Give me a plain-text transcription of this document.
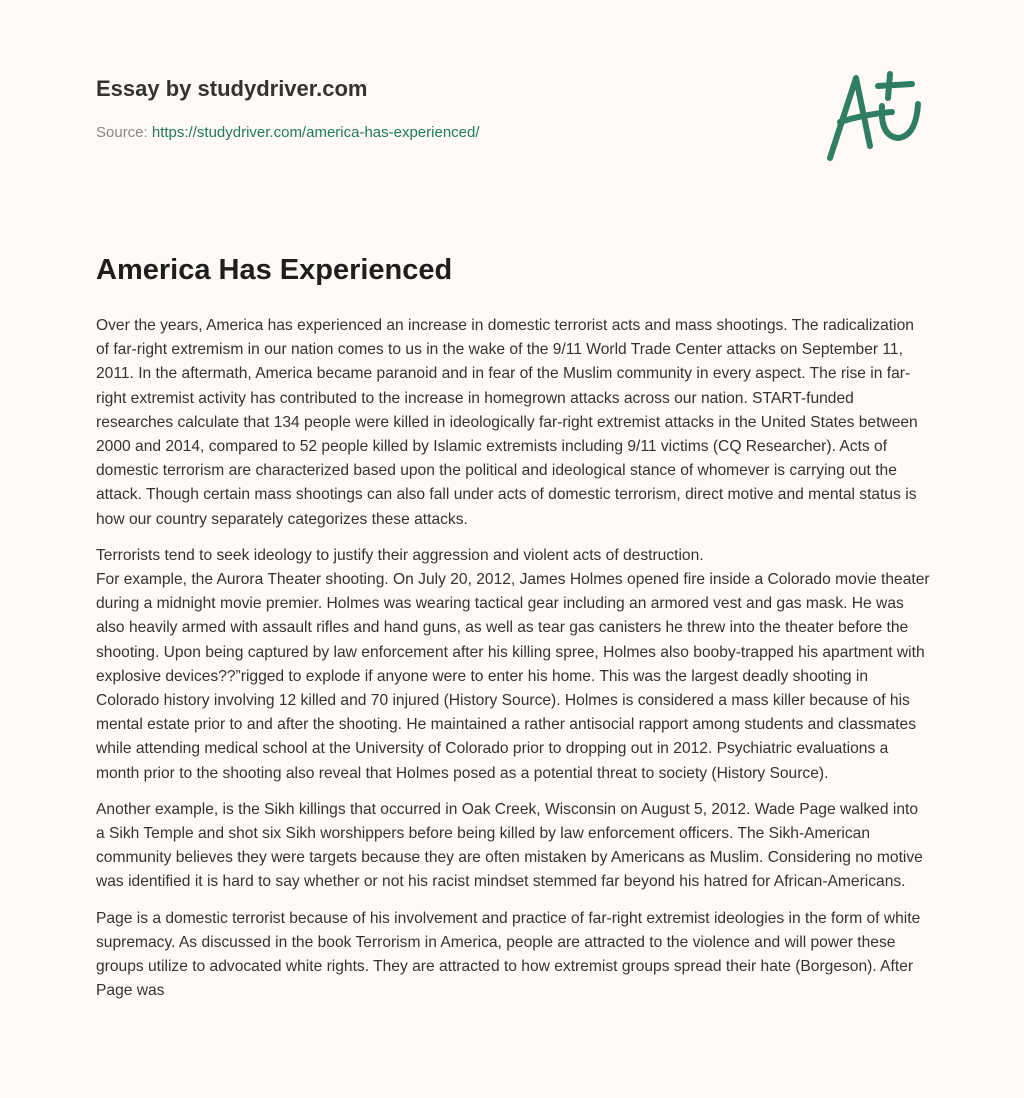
Essay by studydriver.com
Source: https://studydriver.com/america-has-experienced/
America Has Experienced

Over the years, America has experienced an increase in domestic terrorist acts and mass shootings. The radicalization of far-right extremism in our nation comes to us in the wake of the 9/11 World Trade Center attacks on September 11, 2011. In the aftermath, America became paranoid and in fear of the Muslim community in every aspect. The rise in far-right extremist activity has contributed to the increase in homegrown attacks across our nation. START-funded researches calculate that 134 people were killed in ideologically far-right extremist attacks in the United States between 2000 and 2014, compared to 52 people killed by Islamic extremists including 9/11 victims (CQ Researcher). Acts of domestic terrorism are characterized based upon the political and ideological stance of whomever is carrying out the attack. Though certain mass shootings can also fall under acts of domestic terrorism, direct motive and mental status is how our country separately categorizes these attacks.

Terrorists tend to seek ideology to justify their aggression and violent acts of destruction.

For example, the Aurora Theater shooting. On July 20, 2012, James Holmes opened fire inside a Colorado movie theater during a midnight movie premier. Holmes was wearing tactical gear including an armored vest and gas mask. He was also heavily armed with assault rifles and hand guns, as well as tear gas canisters he threw into the theater before the shooting. Upon being captured by law enforcement after his killing spree, Holmes also booby-trapped his apartment with explosive devices??”rigged to explode if anyone were to enter his home. This was the largest deadly shooting in Colorado history involving 12 killed and 70 injured (History Source). Holmes is considered a mass killer because of his mental estate prior to and after the shooting. He maintained a rather antisocial rapport among students and classmates while attending medical school at the University of Colorado prior to dropping out in 2012. Psychiatric evaluations a month prior to the shooting also reveal that Holmes posed as a potential threat to society (History Source).

Another example, is the Sikh killings that occurred in Oak Creek, Wisconsin on August 5, 2012. Wade Page walked into a Sikh Temple and shot six Sikh worshippers before being killed by law enforcement officers. The Sikh-American community believes they were targets because they are often mistaken by Americans as Muslim. Considering no motive was identified it is hard to say whether or not his racist mindset stemmed far beyond his hatred for African-Americans.

Page is a domestic terrorist because of his involvement and practice of far-right extremist ideologies in the form of white supremacy. As discussed in the book Terrorism in America, people are attracted to the violence and will power these groups utilize to advocated white rights. They are attracted to how extremist groups spread their hate (Borgeson). After Page was
